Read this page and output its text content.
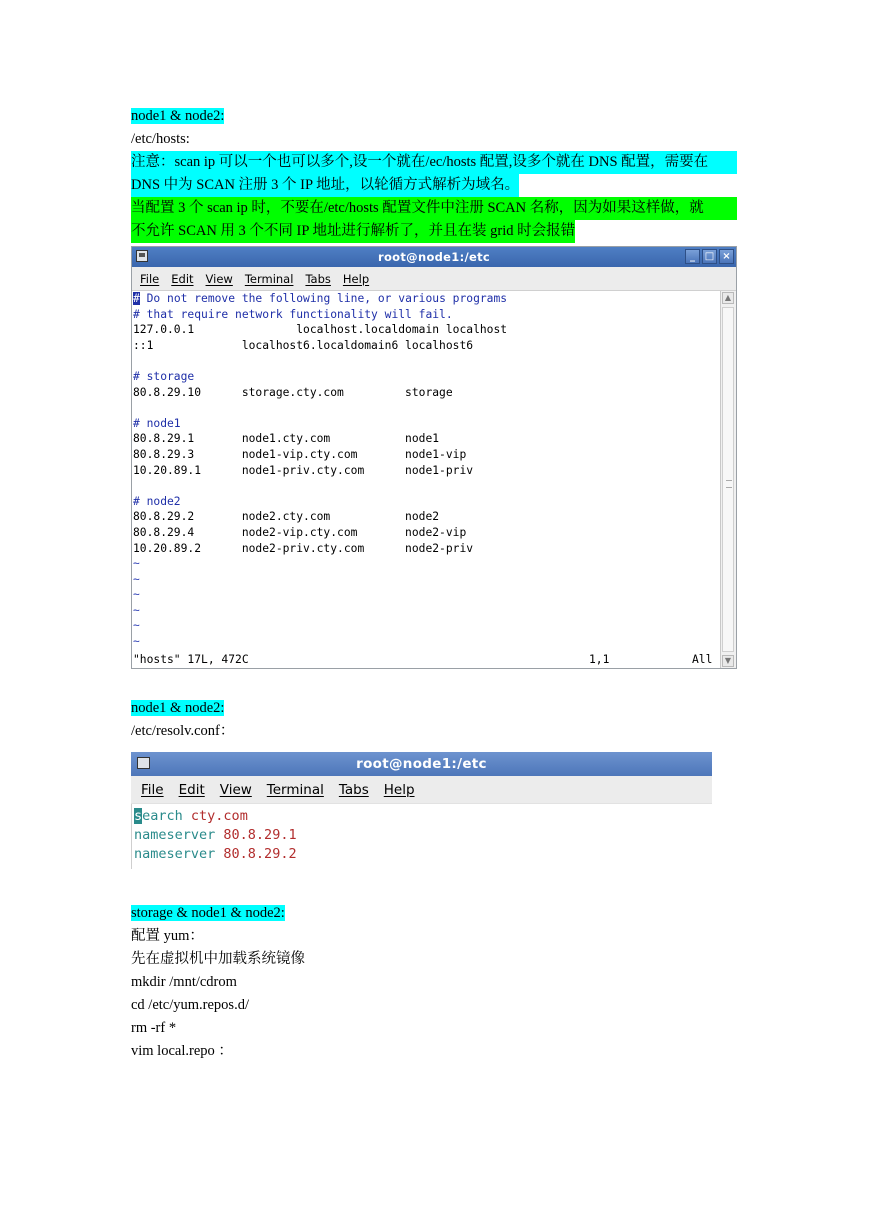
node1 & node2:
/etc/hosts:
注意：scan ip 可以一个也可以多个,设一个就在/ec/hosts 配置,设多个就在 DNS 配置，需要在
DNS 中为 SCAN 注册 3 个 IP 地址，以轮循方式解析为域名。
当配置 3 个 scan ip 时，不要在/etc/hosts 配置文件中注册 SCAN 名称，因为如果这样做，就
不允许 SCAN 用 3 个不同 IP 地址进行解析了，并且在装 grid 时会报错
root@node1:/etc	_ □ ×
File Edit View Terminal Tabs Help
# Do not remove the following line, or various programs
# that require network functionality will fail.
127.0.0.1               localhost.localdomain localhost
::1             localhost6.localdomain6 localhost6
# storage
80.8.29.10      storage.cty.com         storage
# node1
80.8.29.1       node1.cty.com           node1
80.8.29.3       node1-vip.cty.com       node1-vip
10.20.89.1      node1-priv.cty.com      node1-priv
# node2
80.8.29.2       node2.cty.com           node2
80.8.29.4       node2-vip.cty.com       node2-vip
10.20.89.2      node2-priv.cty.com      node2-priv
~
~
~
~
~
~
"hosts" 17L, 472C	1,1	All
▲
▼
node1 & node2:
/etc/resolv.conf：
root@node1:/etc
File Edit View Terminal Tabs Help
search cty.com
nameserver 80.8.29.1
nameserver 80.8.29.2
storage & node1 & node2:
配置 yum：
先在虚拟机中加载系统镜像
mkdir /mnt/cdrom
cd /etc/yum.repos.d/
rm -rf *
vim local.repo ：
